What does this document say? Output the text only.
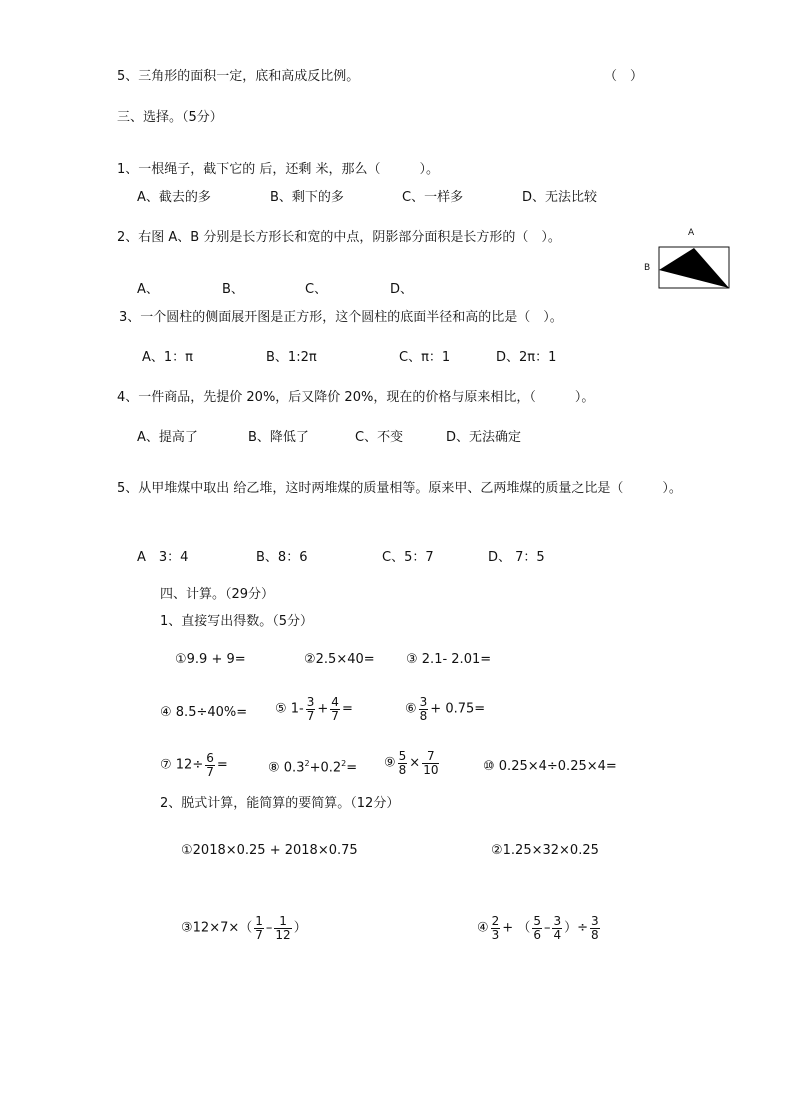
5、三角形的面积一定，底和高成反比例。	（　）
三、选择。（5分）
1、一根绳子，截下它的 后，还剩 米，那么（　　　）。
A、截去的多	B、剩下的多	C、一样多	D、无法比较
2、右图 A、B 分别是长方形长和宽的中点，阴影部分面积是长方形的（　）。
A、	B、	C、	D、
A
B
3、一个圆柱的侧面展开图是正方形，这个圆柱的底面半径和高的比是（　）。
A、1：π	B、1:2π	C、π：1	D、2π：1
4、一件商品，先提价 20%，后又降价 20%，现在的价格与原来相比，（　　　）。
A、提高了	B、降低了	C、不变	D、无法确定
5、从甲堆煤中取出 给乙堆，这时两堆煤的质量相等。原来甲、乙两堆煤的质量之比是（　　　）。
A　3：4	B、8：6	C、5：7	D、 7：5
四、计算。（29分）
1、直接写出得数。（5分）
①9.9 + 9=	②2.5×40= ③ 2.1- 2.01=
④ 8.5÷40%= ⑤ $1- \frac{3}{7} + \frac{4}{7}$ =	⑥ $\frac{3}{8} + 0.75=$
⑦ $12\div \frac{6}{7}$ =	⑧ $0.3^2+0.2^2=$ ⑨ $\frac{5}{8} \times \frac{7}{10}$	⑩ 0.25×4÷0.25×4=
2、脱式计算，能简算的要简算。（12分）
①2018×0.25 + 2018×0.75	②1.25×32×0.25
③12×7×（ $\frac{1}{7} - \frac{1}{12}$ ）	④ $\frac{2}{3}$ + （ $\frac{5}{6} - \frac{3}{4}$ ）÷ $\frac{3}{8}$
